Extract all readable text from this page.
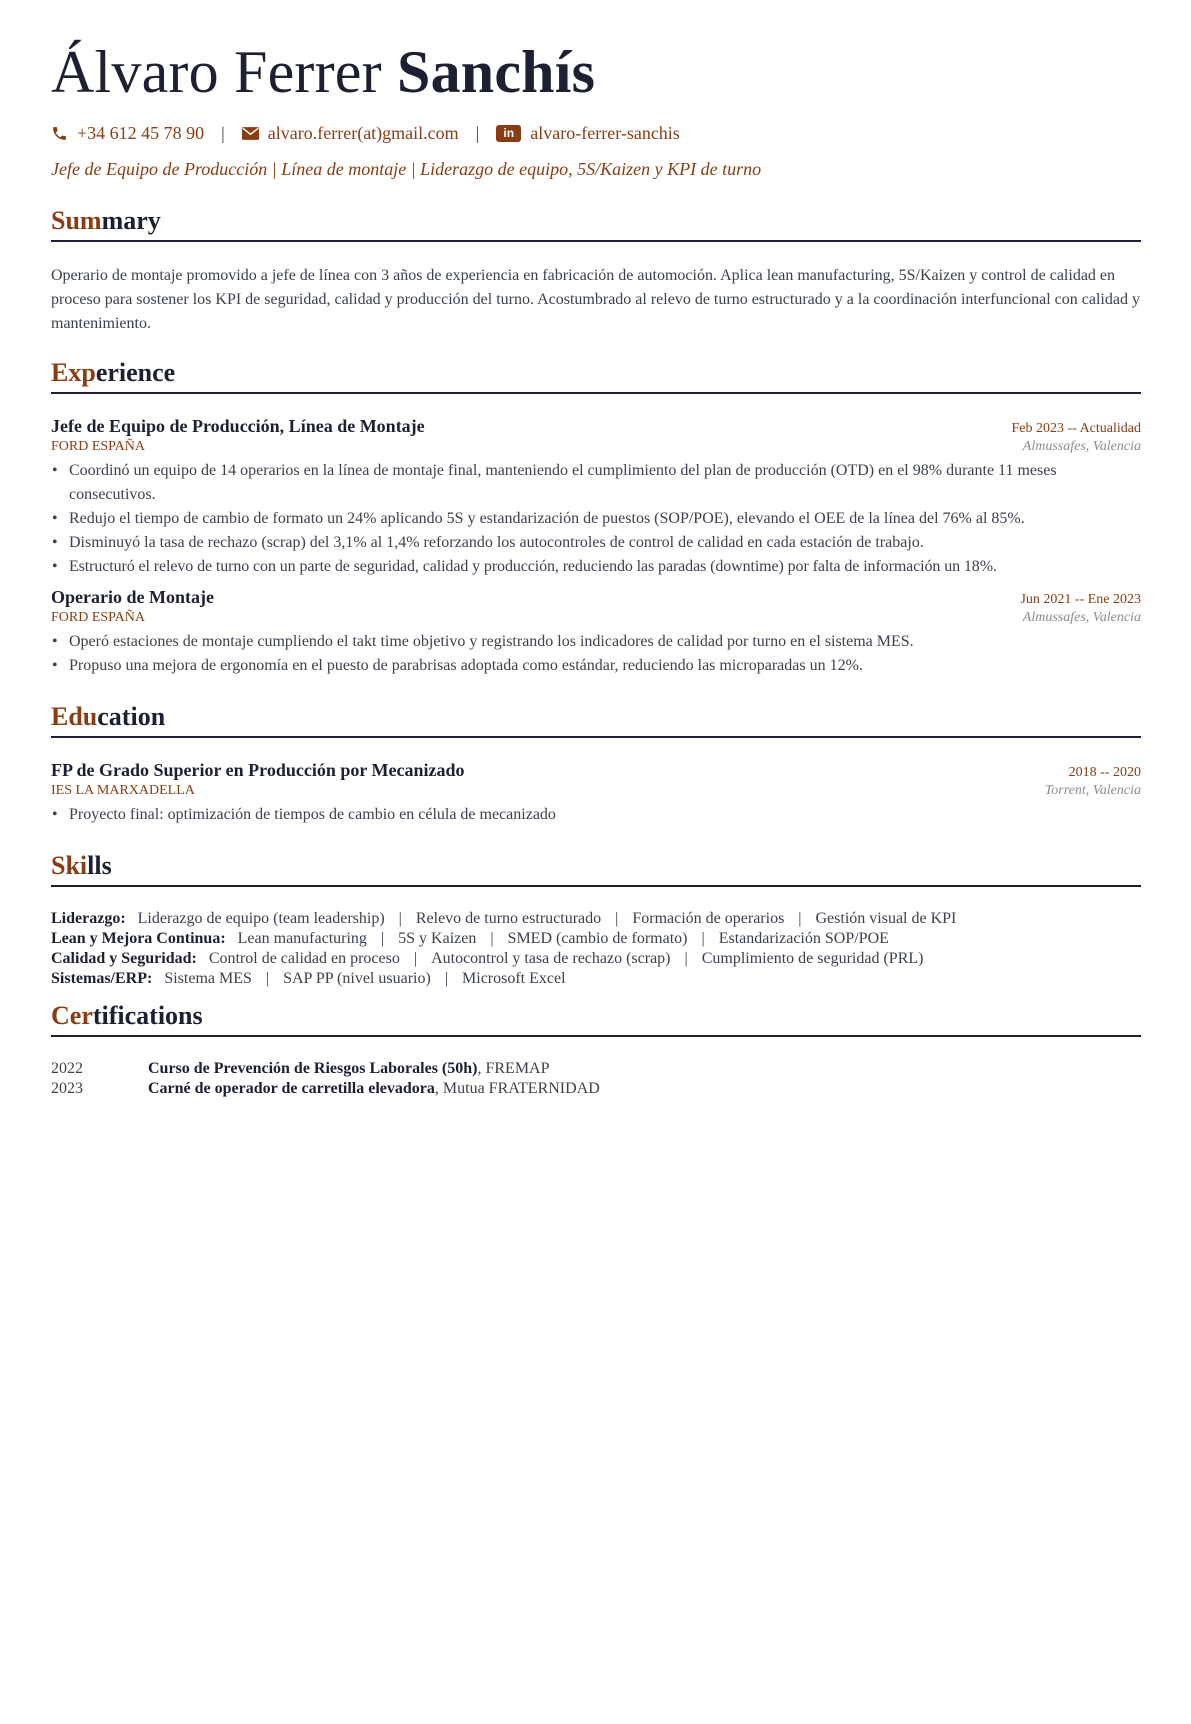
Álvaro Ferrer Sanchís
+34 612 45 78 90 | alvaro.ferrer(at)gmail.com |	in alvaro-ferrer-sanchis
Jefe de Equipo de Producción | Línea de montaje | Liderazgo de equipo, 5S/Kaizen y KPI de turno
Summary
Operario de montaje promovido a jefe de línea con 3 años de experiencia en fabricación de automoción. Aplica lean manufacturing, 5S/Kaizen y control de calidad en proceso para sostener los KPI de seguridad, calidad y producción del turno. Acostumbrado al relevo de turno estructurado y a la coordinación interfuncional con calidad y mantenimiento.
Experience
Jefe de Equipo de Producción, Línea de Montaje	Feb 2023 -- Actualidad
FORD ESPAÑA	Almussafes, Valencia
• Coordinó un equipo de 14 operarios en la línea de montaje final, manteniendo el cumplimiento del plan de producción (OTD) en el 98% durante 11 meses consecutivos.
• Redujo el tiempo de cambio de formato un 24% aplicando 5S y estandarización de puestos (SOP/POE), elevando el OEE de la línea del 76% al 85%.
• Disminuyó la tasa de rechazo (scrap) del 3,1% al 1,4% reforzando los autocontroles de control de calidad en cada estación de trabajo.
• Estructuró el relevo de turno con un parte de seguridad, calidad y producción, reduciendo las paradas (downtime) por falta de información un 18%.
Operario de Montaje	Jun 2021 -- Ene 2023
FORD ESPAÑA	Almussafes, Valencia
• Operó estaciones de montaje cumpliendo el takt time objetivo y registrando los indicadores de calidad por turno en el sistema MES.
• Propuso una mejora de ergonomía en el puesto de parabrisas adoptada como estándar, reduciendo las microparadas un 12%.
Education
FP de Grado Superior en Producción por Mecanizado	2018 -- 2020
IES LA MARXADELLA	Torrent, Valencia
• Proyecto final: optimización de tiempos de cambio en célula de mecanizado
Skills
Liderazgo: Liderazgo de equipo (team leadership) | Relevo de turno estructurado | Formación de operarios | Gestión visual de KPI
Lean y Mejora Continua: Lean manufacturing | 5S y Kaizen | SMED (cambio de formato) | Estandarización SOP/POE
Calidad y Seguridad: Control de calidad en proceso | Autocontrol y tasa de rechazo (scrap) | Cumplimiento de seguridad (PRL)
Sistemas/ERP: Sistema MES | SAP PP (nivel usuario) | Microsoft Excel
Certifications
2022	Curso de Prevención de Riesgos Laborales (50h), FREMAP
2023	Carné de operador de carretilla elevadora, Mutua FRATERNIDAD
